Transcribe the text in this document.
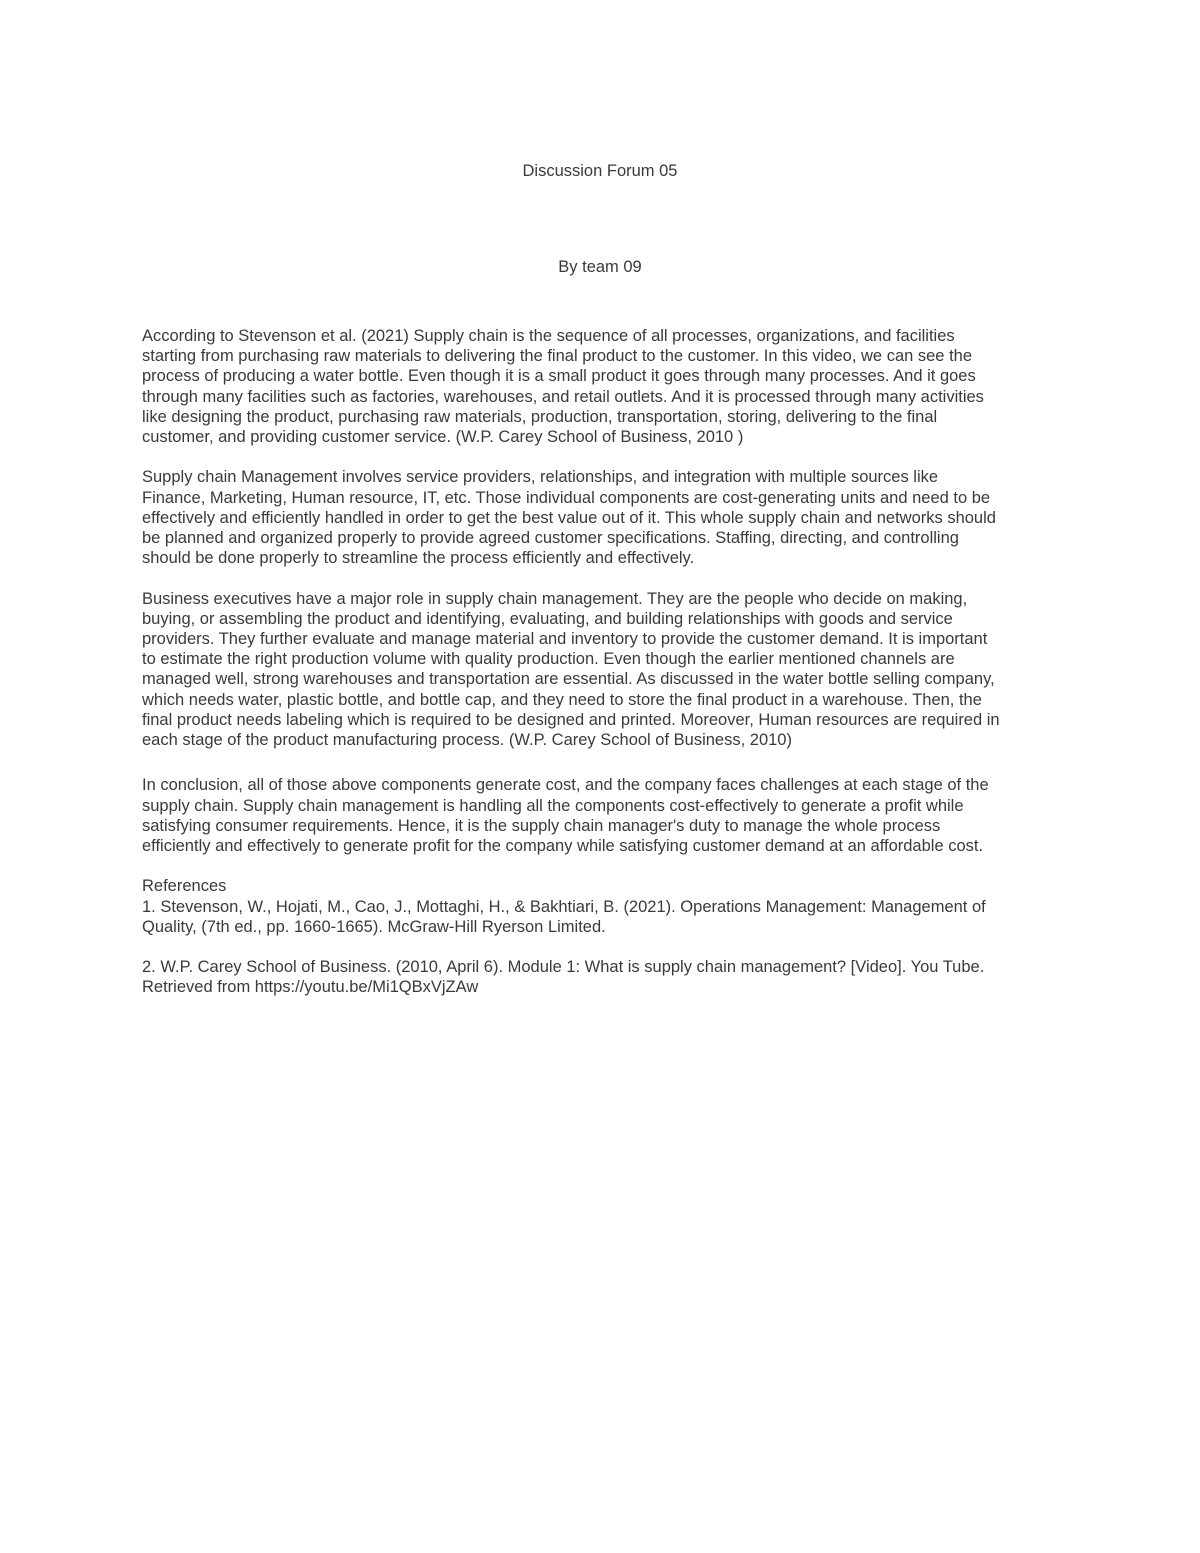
Discussion Forum 05
By team 09
According to Stevenson et al. (2021) Supply chain is the sequence of all processes, organizations, and facilities
starting from purchasing raw materials to delivering the final product to the customer. In this video, we can see the
process of producing a water bottle. Even though it is a small product it goes through many processes. And it goes
through many facilities such as factories, warehouses, and retail outlets. And it is processed through many activities
like designing the product, purchasing raw materials, production, transportation, storing, delivering to the final
customer, and providing customer service. (W.P. Carey School of Business, 2010 )
Supply chain Management involves service providers, relationships, and integration with multiple sources like
Finance, Marketing, Human resource, IT, etc. Those individual components are cost-generating units and need to be
effectively and efficiently handled in order to get the best value out of it. This whole supply chain and networks should
be planned and organized properly to provide agreed customer specifications. Staffing, directing, and controlling
should be done properly to streamline the process efficiently and effectively.
Business executives have a major role in supply chain management. They are the people who decide on making,
buying, or assembling the product and identifying, evaluating, and building relationships with goods and service
providers. They further evaluate and manage material and inventory to provide the customer demand. It is important
to estimate the right production volume with quality production. Even though the earlier mentioned channels are
managed well, strong warehouses and transportation are essential. As discussed in the water bottle selling company,
which needs water, plastic bottle, and bottle cap, and they need to store the final product in a warehouse. Then, the
final product needs labeling which is required to be designed and printed. Moreover, Human resources are required in
each stage of the product manufacturing process. (W.P. Carey School of Business, 2010)
In conclusion, all of those above components generate cost, and the company faces challenges at each stage of the
supply chain. Supply chain management is handling all the components cost-effectively to generate a profit while
satisfying consumer requirements. Hence, it is the supply chain manager's duty to manage the whole process
efficiently and effectively to generate profit for the company while satisfying customer demand at an affordable cost.
References
1. Stevenson, W., Hojati, M., Cao, J., Mottaghi, H., & Bakhtiari, B. (2021). Operations Management: Management of
Quality, (7th ed., pp. 1660-1665). McGraw-Hill Ryerson Limited.
2. W.P. Carey School of Business. (2010, April 6). Module 1: What is supply chain management? [Video]. You Tube.
Retrieved from https://youtu.be/Mi1QBxVjZAw
